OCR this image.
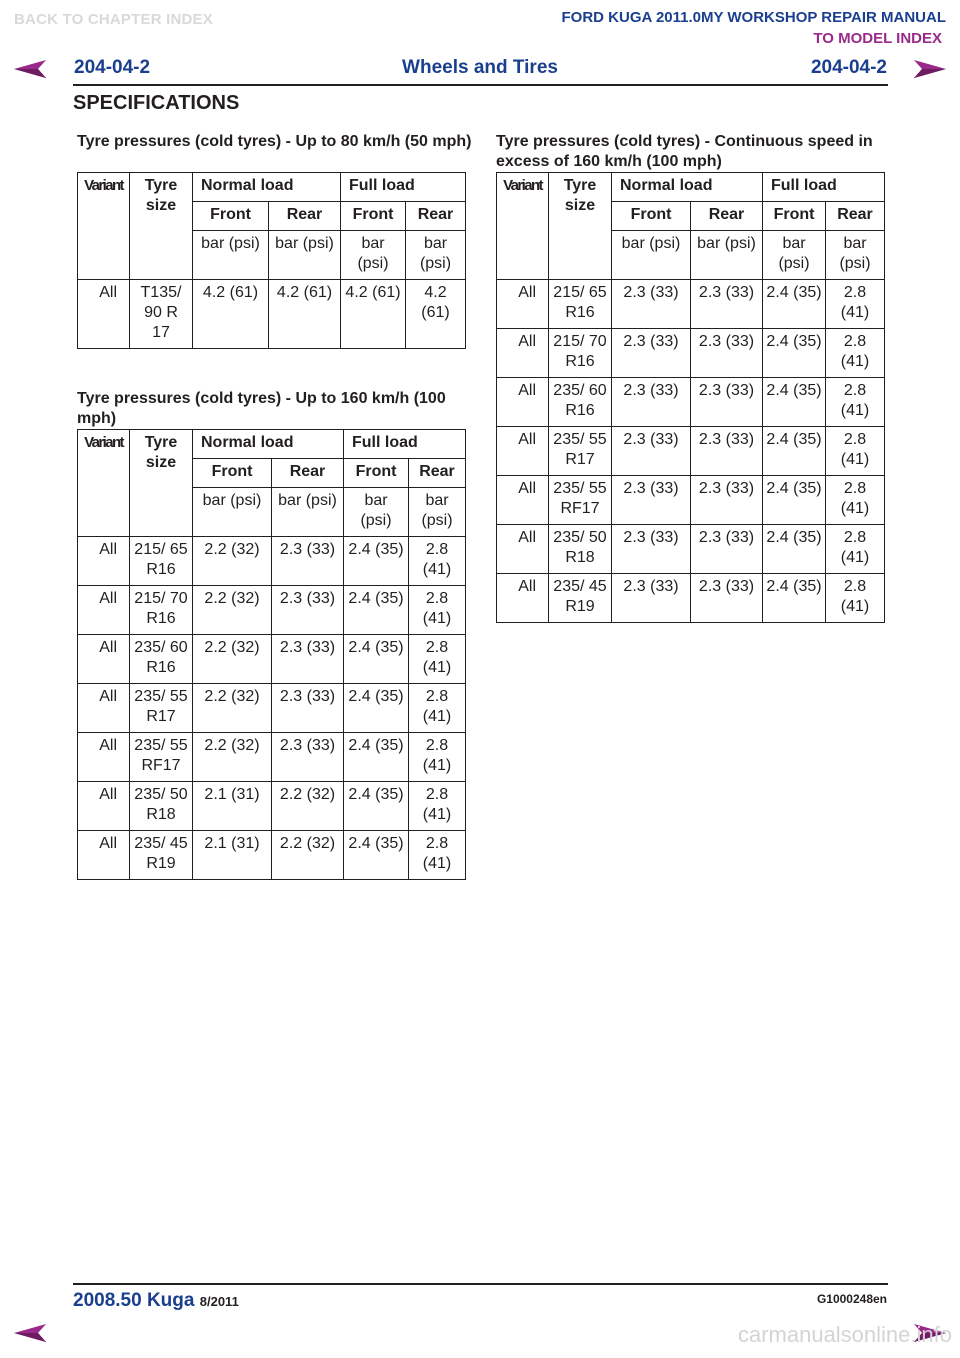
BACK TO CHAPTER INDEX	FORD KUGA 2011.0MY WORKSHOP REPAIR MANUAL
TO MODEL INDEX
204-04-2	Wheels and Tires	204-04-2
SPECIFICATIONS
Tyre pressures (cold tyres) - Up to 80 km/h (50 mph)
Tyre pressures (cold tyres) - Up to 160 km/h (100 mph)
Tyre pressures (cold tyres) - Continuous speed in excess of 160 km/h (100 mph)
Variant	Tyre size	Normal load		Full load	
		Front	Rear	Front	Rear
		bar (psi)	bar (psi)	bar (psi)	bar (psi)
All	T135/ 90 R 17	4.2 (61)	4.2 (61)	4.2 (61)	4.2 (61)
Variant	Tyre size	Normal load		Full load	
		Front	Rear	Front	Rear
		bar (psi)	bar (psi)	bar (psi)	bar (psi)
All	215/ 65 R16	2.2 (32)	2.3 (33)	2.4 (35)	2.8 (41)
All	215/ 70 R16	2.2 (32)	2.3 (33)	2.4 (35)	2.8 (41)
All	235/ 60 R16	2.2 (32)	2.3 (33)	2.4 (35)	2.8 (41)
All	235/ 55 R17	2.2 (32)	2.3 (33)	2.4 (35)	2.8 (41)
All	235/ 55 RF17	2.2 (32)	2.3 (33)	2.4 (35)	2.8 (41)
All	235/ 50 R18	2.1 (31)	2.2 (32)	2.4 (35)	2.8 (41)
All	235/ 45 R19	2.1 (31)	2.2 (32)	2.4 (35)	2.8 (41)
Variant	Tyre size	Normal load		Full load	
		Front	Rear	Front	Rear
		bar (psi)	bar (psi)	bar (psi)	bar (psi)
All	215/ 65 R16	2.3 (33)	2.3 (33)	2.4 (35)	2.8 (41)
All	215/ 70 R16	2.3 (33)	2.3 (33)	2.4 (35)	2.8 (41)
All	235/ 60 R16	2.3 (33)	2.3 (33)	2.4 (35)	2.8 (41)
All	235/ 55 R17	2.3 (33)	2.3 (33)	2.4 (35)	2.8 (41)
All	235/ 55 RF17	2.3 (33)	2.3 (33)	2.4 (35)	2.8 (41)
All	235/ 50 R18	2.3 (33)	2.3 (33)	2.4 (35)	2.8 (41)
All	235/ 45 R19	2.3 (33)	2.3 (33)	2.4 (35)	2.8 (41)
2008.50 Kuga 8/2011	G1000248en
carmanualsonline.info
